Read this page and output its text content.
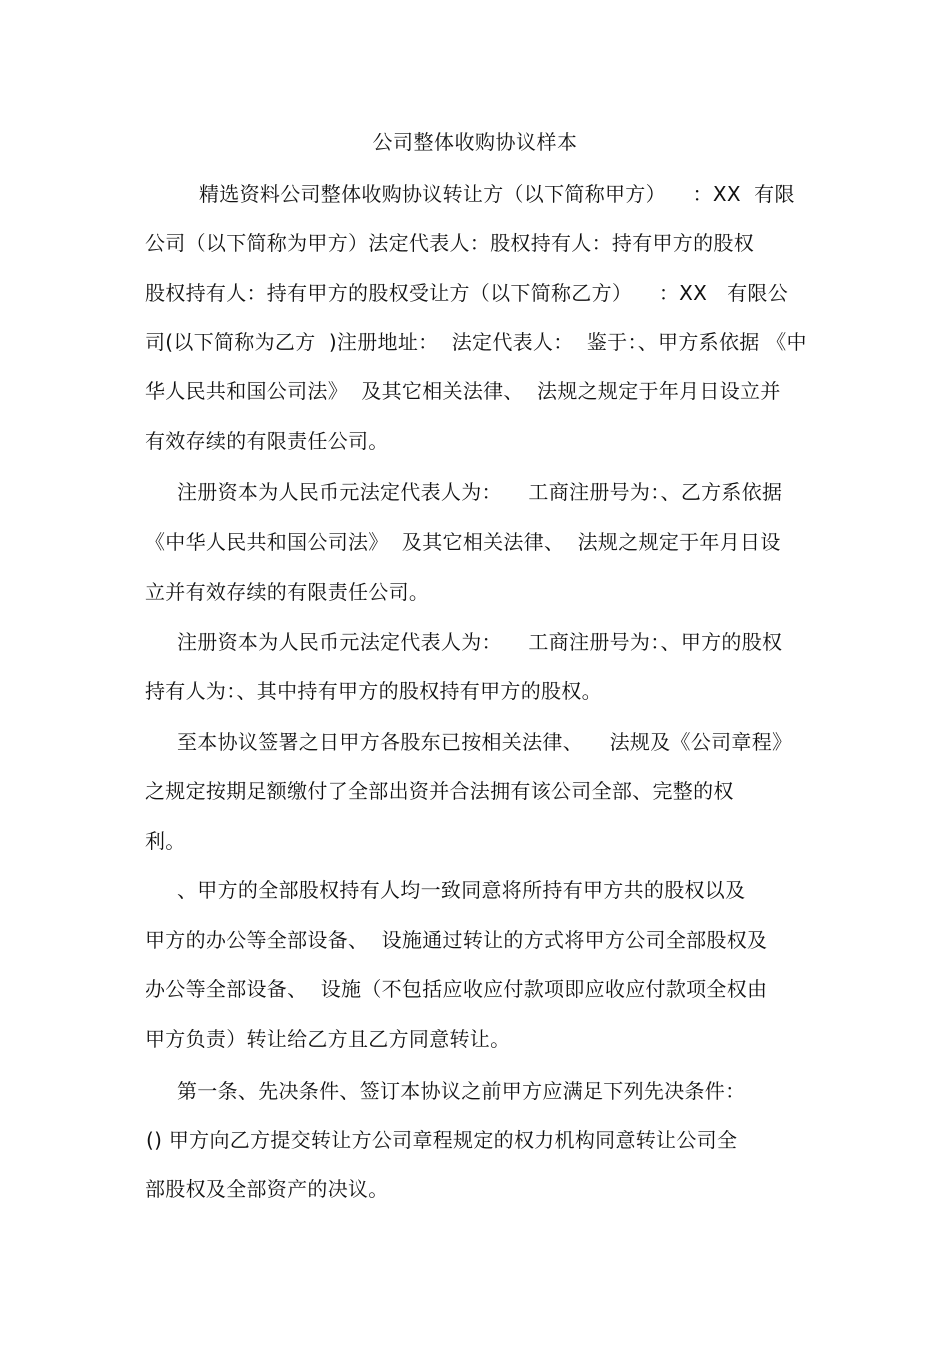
公司整体收购协议样本
精选资料公司整体收购协议转让方（以下简称甲方）    ：XX  有限
公司（以下简称为甲方）法定代表人：股权持有人：持有甲方的股权
股权持有人：持有甲方的股权受让方（以下简称乙方）    ：XX   有限公
司(以下简称为乙方  )注册地址：  法定代表人：  鉴于：、甲方系依据 《中
华人民共和国公司法》  及其它相关法律、  法规之规定于年月日设立并
有效存续的有限责任公司。
注册资本为人民币元法定代表人为：    工商注册号为：、乙方系依据
《中华人民共和国公司法》  及其它相关法律、  法规之规定于年月日设
立并有效存续的有限责任公司。
注册资本为人民币元法定代表人为：    工商注册号为：、甲方的股权
持有人为：、其中持有甲方的股权持有甲方的股权。
至本协议签署之日甲方各股东已按相关法律、    法规及《公司章程》
之规定按期足额缴付了全部出资并合法拥有该公司全部、完整的权
利。
、甲方的全部股权持有人均一致同意将所持有甲方共的股权以及
甲方的办公等全部设备、  设施通过转让的方式将甲方公司全部股权及
办公等全部设备、  设施（不包括应收应付款项即应收应付款项全权由
甲方负责）转让给乙方且乙方同意转让。
第一条、先决条件、签订本协议之前甲方应满足下列先决条件：
() 甲方向乙方提交转让方公司章程规定的权力机构同意转让公司全
部股权及全部资产的决议。
